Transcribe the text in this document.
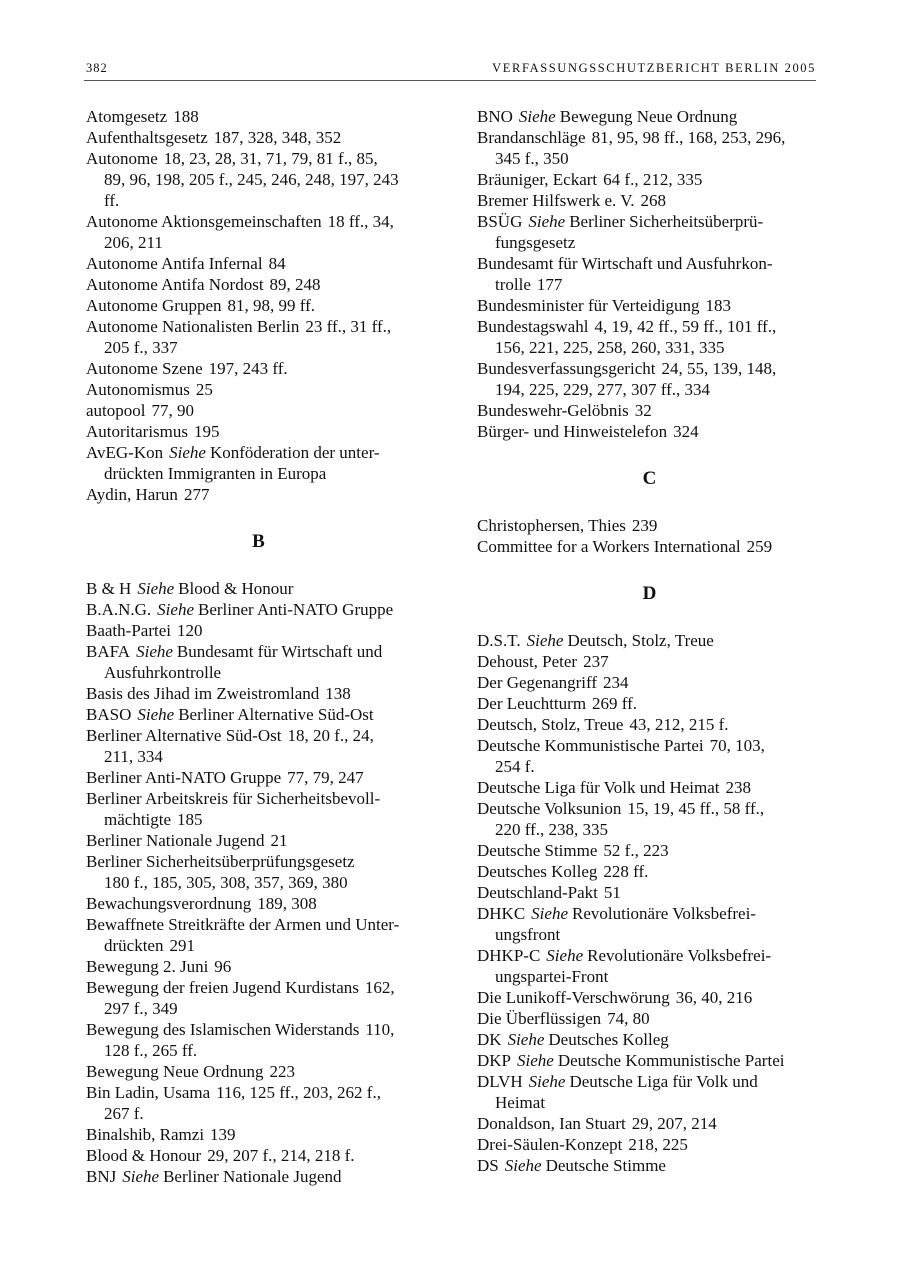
382	VERFASSUNGSSCHUTZBERICHT BERLIN 2005
Atomgesetz 188
Aufenthaltsgesetz 187, 328, 348, 352
Autonome 18, 23, 28, 31, 71, 79, 81 f., 85,
89, 96, 198, 205 f., 245, 246, 248, 197, 243
ff.
Autonome Aktionsgemeinschaften 18 ff., 34,
206, 211
Autonome Antifa Infernal 84
Autonome Antifa Nordost 89, 248
Autonome Gruppen 81, 98, 99 ff.
Autonome Nationalisten Berlin 23 ff., 31 ff.,
205 f., 337
Autonome Szene 197, 243 ff.
Autonomismus 25
autopool 77, 90
Autoritarismus 195
AvEG-Kon Siehe Konföderation der unter-
drückten Immigranten in Europa
Aydin, Harun 277
B
B & H Siehe Blood & Honour
B.A.N.G. Siehe Berliner Anti-NATO Gruppe
Baath-Partei 120
BAFA Siehe Bundesamt für Wirtschaft und
Ausfuhrkontrolle
Basis des Jihad im Zweistromland 138
BASO Siehe Berliner Alternative Süd-Ost
Berliner Alternative Süd-Ost 18, 20 f., 24,
211, 334
Berliner Anti-NATO Gruppe 77, 79, 247
Berliner Arbeitskreis für Sicherheitsbevoll-
mächtigte 185
Berliner Nationale Jugend 21
Berliner Sicherheitsüberprüfungsgesetz
180 f., 185, 305, 308, 357, 369, 380
Bewachungsverordnung 189, 308
Bewaffnete Streitkräfte der Armen und Unter-
drückten 291
Bewegung 2. Juni 96
Bewegung der freien Jugend Kurdistans 162,
297 f., 349
Bewegung des Islamischen Widerstands 110,
128 f., 265 ff.
Bewegung Neue Ordnung 223
Bin Ladin, Usama 116, 125 ff., 203, 262 f.,
267 f.
Binalshib, Ramzi 139
Blood & Honour 29, 207 f., 214, 218 f.
BNJ Siehe Berliner Nationale Jugend
BNO Siehe Bewegung Neue Ordnung
Brandanschläge 81, 95, 98 ff., 168, 253, 296,
345 f., 350
Bräuniger, Eckart 64 f., 212, 335
Bremer Hilfswerk e. V. 268
BSÜG Siehe Berliner Sicherheitsüberprü-
fungsgesetz
Bundesamt für Wirtschaft und Ausfuhrkon-
trolle 177
Bundesminister für Verteidigung 183
Bundestagswahl 4, 19, 42 ff., 59 ff., 101 ff.,
156, 221, 225, 258, 260, 331, 335
Bundesverfassungsgericht 24, 55, 139, 148,
194, 225, 229, 277, 307 ff., 334
Bundeswehr-Gelöbnis 32
Bürger- und Hinweistelefon 324
C
Christophersen, Thies 239
Committee for a Workers International 259
D
D.S.T. Siehe Deutsch, Stolz, Treue
Dehoust, Peter 237
Der Gegenangriff 234
Der Leuchtturm 269 ff.
Deutsch, Stolz, Treue 43, 212, 215 f.
Deutsche Kommunistische Partei 70, 103,
254 f.
Deutsche Liga für Volk und Heimat 238
Deutsche Volksunion 15, 19, 45 ff., 58 ff.,
220 ff., 238, 335
Deutsche Stimme 52 f., 223
Deutsches Kolleg 228 ff.
Deutschland-Pakt 51
DHKC Siehe Revolutionäre Volksbefrei-
ungsfront
DHKP-C Siehe Revolutionäre Volksbefrei-
ungspartei-Front
Die Lunikoff-Verschwörung 36, 40, 216
Die Überflüssigen 74, 80
DK Siehe Deutsches Kolleg
DKP Siehe Deutsche Kommunistische Partei
DLVH Siehe Deutsche Liga für Volk und
Heimat
Donaldson, Ian Stuart 29, 207, 214
Drei-Säulen-Konzept 218, 225
DS Siehe Deutsche Stimme
